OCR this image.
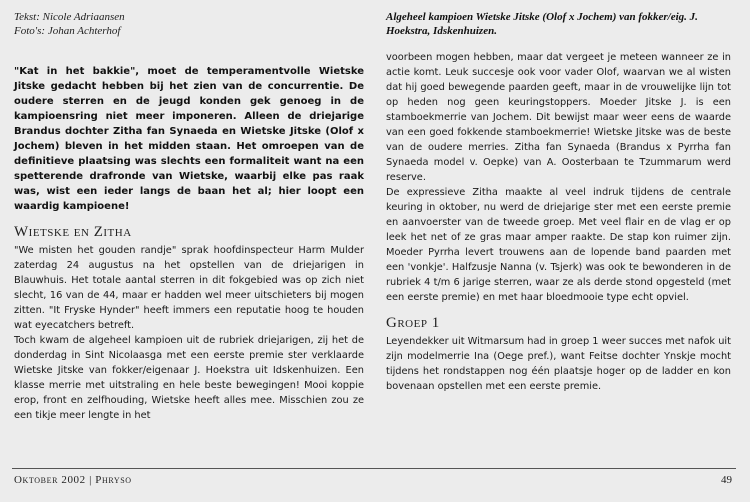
Tekst: Nicole Adriaansen
Foto's: Johan Achterhof
"Kat in het bakkie", moet de temperamentvolle Wietske Jitske gedacht hebben bij het zien van de concurrentie. De oudere sterren en de jeugd konden gek genoeg in de kampioensring niet meer imponeren. Alleen de driejarige Brandus dochter Zitha fan Synaeda en Wietske Jitske (Olof x Jochem) bleven in het midden staan. Het omroepen van de definitieve plaatsing was slechts een formaliteit want na een spetterende drafronde van Wietske, waarbij elke pas raak was, wist een ieder langs de baan het al; hier loopt een waardig kampioene!
Wietske en Zitha
"We misten het gouden randje" sprak hoofdinspecteur Harm Mulder zaterdag 24 augustus na het opstellen van de driejarigen in Blauwhuis. Het totale aantal sterren in dit fokgebied was op zich niet slecht, 16 van de 44, maar er hadden wel meer uitschieters bij mogen zitten. "It Fryske Hynder" heeft immers een reputatie hoog te houden wat eyecatchers betreft.
Toch kwam de algeheel kampioen uit de rubriek driejarigen, zij het de donderdag in Sint Nicolaasga met een eerste premie ster verklaarde Wietske Jitske van fokker/eigenaar J. Hoekstra uit Idskenhuizen. Een klasse merrie met uitstraling en hele beste bewegingen! Mooi koppie erop, front en zelfhouding, Wietske heeft alles mee. Misschien zou ze een tikje meer lengte in het
Algeheel kampioen Wietske Jitske (Olof x Jochem) van fokker/eig. J. Hoekstra, Idskenhuizen.
voorbeen mogen hebben, maar dat vergeet je meteen wanneer ze in actie komt. Leuk succesje ook voor vader Olof, waarvan we al wisten dat hij goed bewegende paarden geeft, maar in de vrouwelijke lijn tot op heden nog geen keuringstoppers. Moeder Jitske J. is een stamboekmerrie van Jochem. Dit bewijst maar weer eens de waarde van een goed fokkende stamboekmerrie! Wietske Jitske was de beste van de oudere merries. Zitha fan Synaeda (Brandus x Pyrrha fan Synaeda model v. Oepke) van A. Oosterbaan te Tzummarum werd reserve.
De expressieve Zitha maakte al veel indruk tijdens de centrale keuring in oktober, nu werd de driejarige ster met een eerste premie en aanvoerster van de tweede groep. Met veel flair en de vlag er op leek het net of ze gras maar amper raakte. De stap kon ruimer zijn. Moeder Pyrrha levert trouwens aan de lopende band paarden met een 'vonkje'. Halfzusje Nanna (v. Tsjerk) was ook te bewonderen in de rubriek 4 t/m 6 jarige sterren, waar ze als derde stond opgesteld (met een eerste premie) en met haar bloedmooie type echt opviel.
Groep 1
Leyendekker uit Witmarsum had in groep 1 weer succes met nafok uit zijn modelmerrie Ina (Oege pref.), want Feitse dochter Ynskje mocht tijdens het rondstappen nog één plaatsje hoger op de ladder en kon bovenaan opstellen met een eerste premie.
Oktober 2002 | Phryso	49
